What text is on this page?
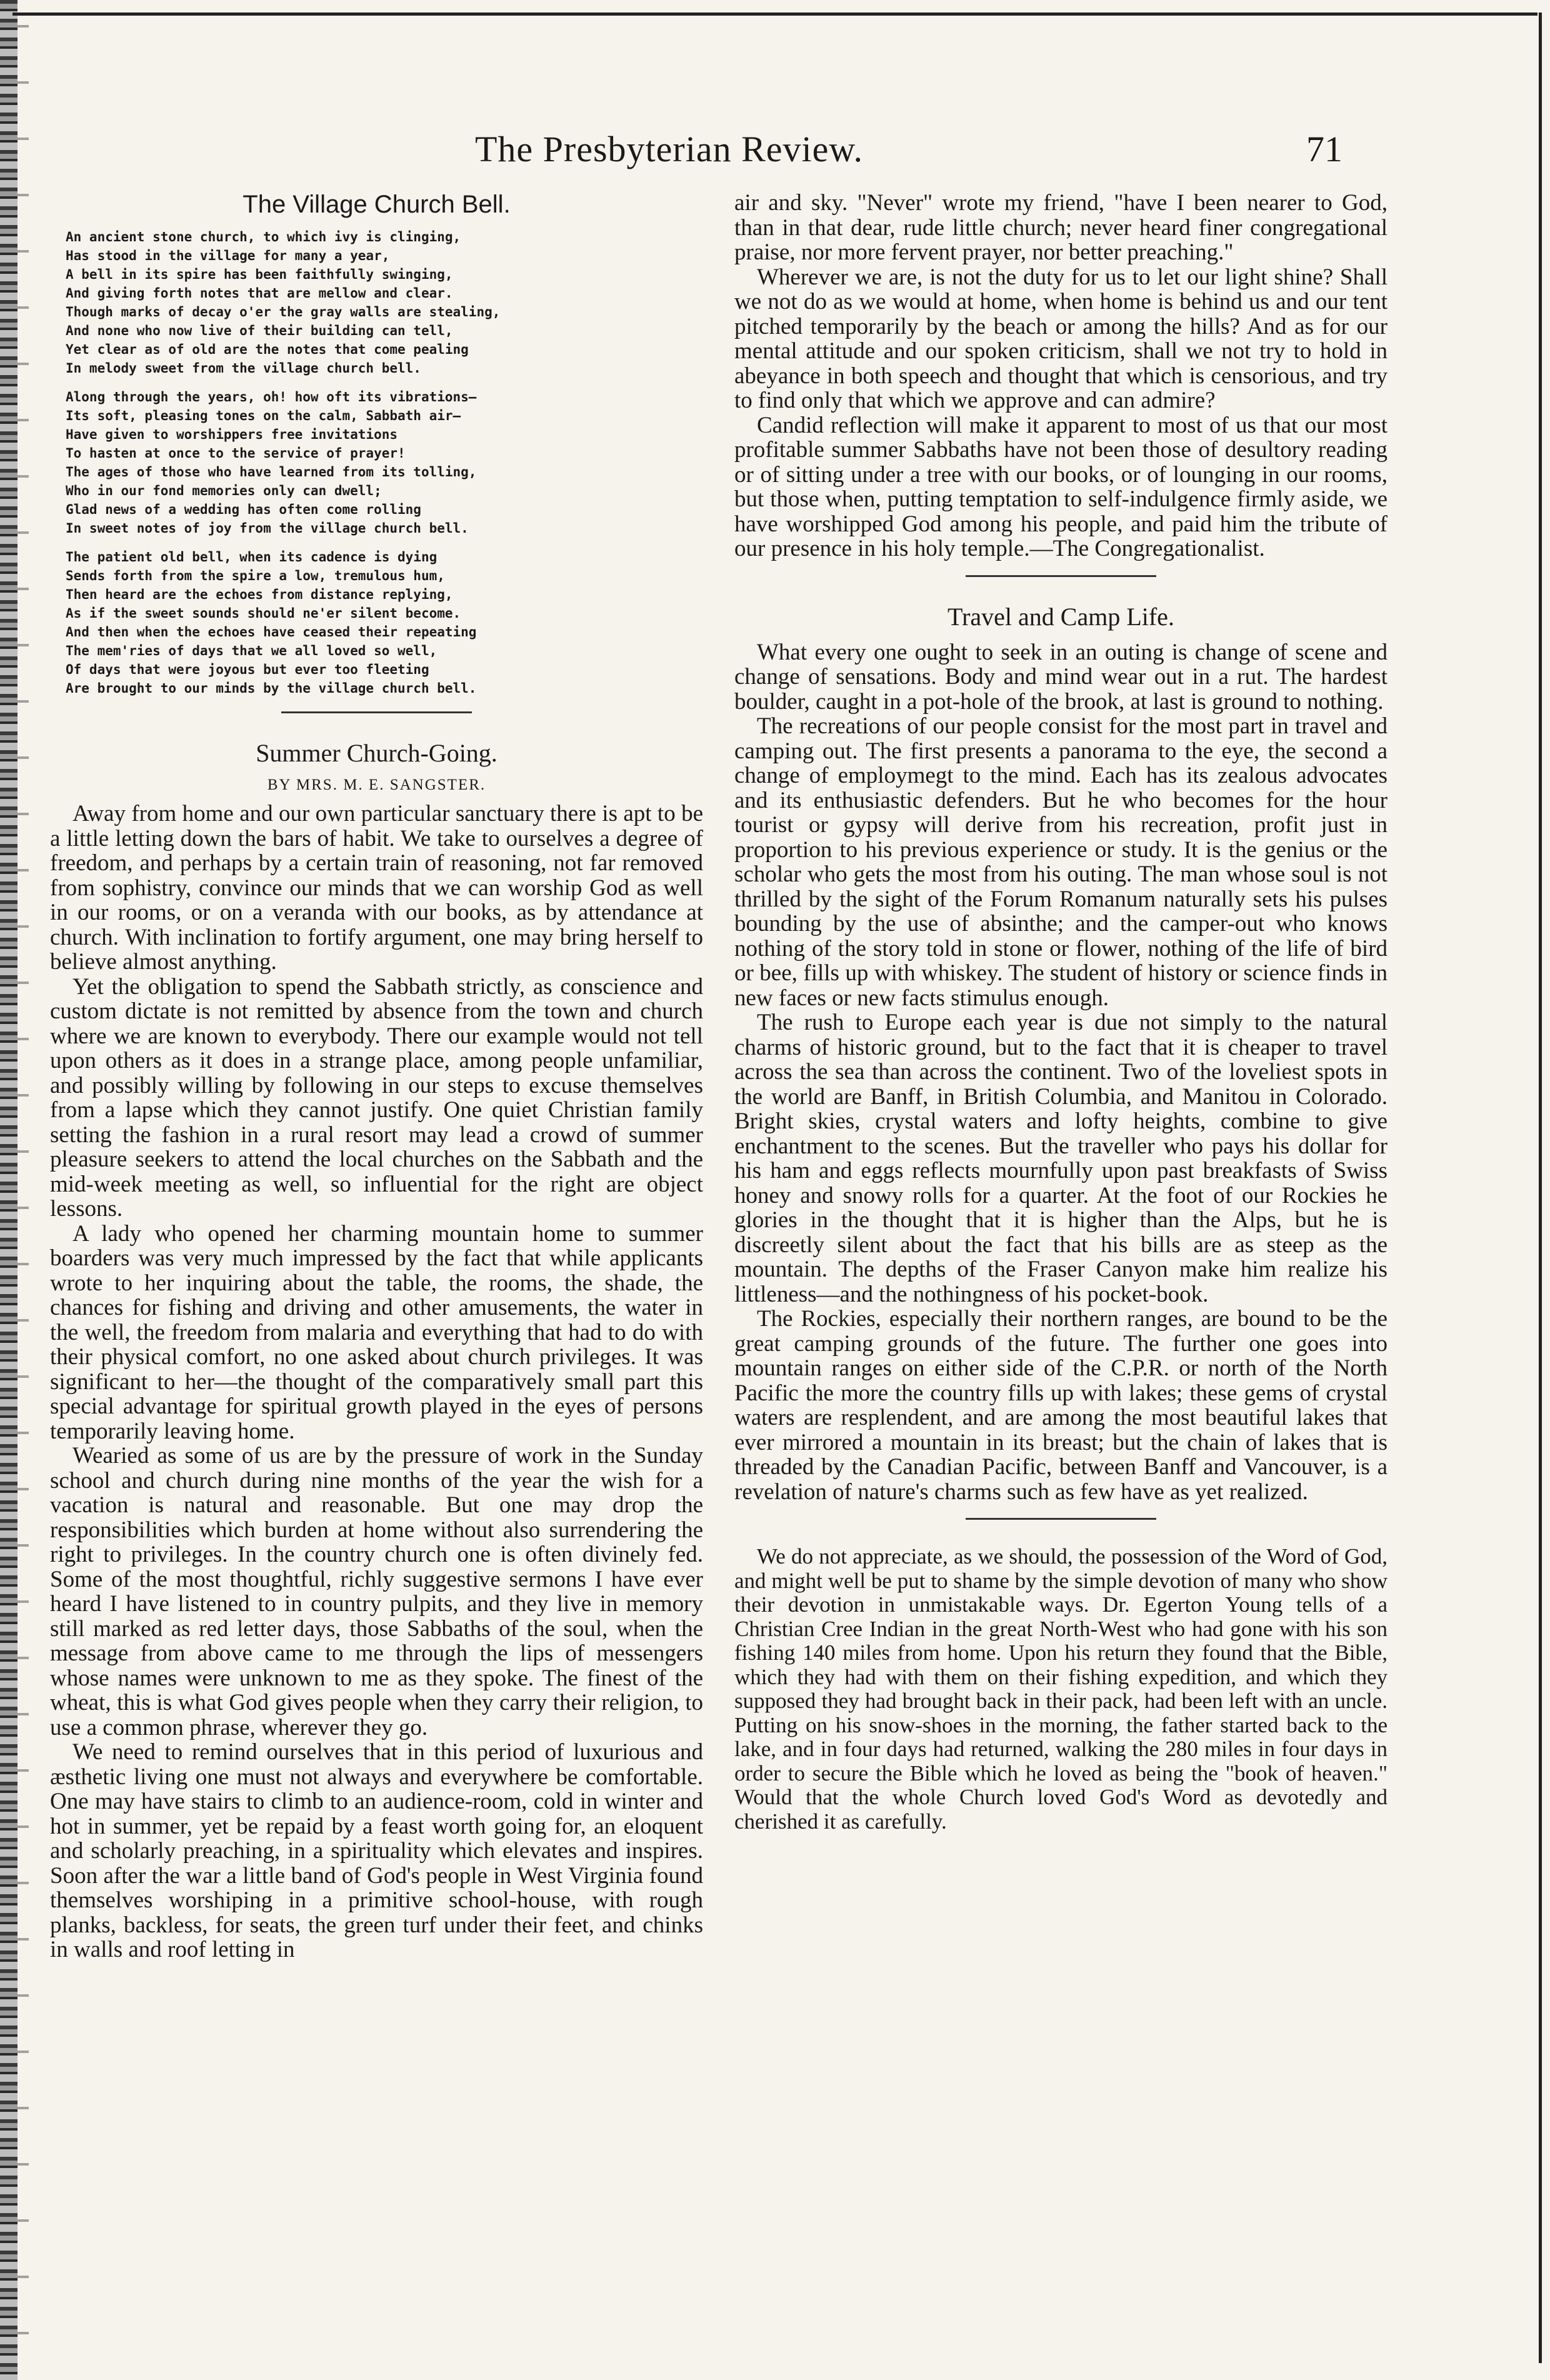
The Presbyterian Review.	71
The Village Church Bell.
An ancient stone church, to which ivy is clinging,
Has stood in the village for many a year,
A bell in its spire has been faithfully swinging,
And giving forth notes that are mellow and clear.
Though marks of decay o'er the gray walls are stealing,
And none who now live of their building can tell,
Yet clear as of old are the notes that come pealing
In melody sweet from the village church bell.
Along through the years, oh! how oft its vibrations—
Its soft, pleasing tones on the calm, Sabbath air—
Have given to worshippers free invitations
To hasten at once to the service of prayer!
The ages of those who have learned from its tolling,
Who in our fond memories only can dwell;
Glad news of a wedding has often come rolling
In sweet notes of joy from the village church bell.
The patient old bell, when its cadence is dying
Sends forth from the spire a low, tremulous hum,
Then heard are the echoes from distance replying,
As if the sweet sounds should ne'er silent become.
And then when the echoes have ceased their repeating
The mem'ries of days that we all loved so well,
Of days that were joyous but ever too fleeting
Are brought to our minds by the village church bell.
Summer Church-Going.
BY MRS. M. E. SANGSTER.

Away from home and our own particular sanctuary there is apt to be a little letting down the bars of habit. We take to ourselves a degree of freedom, and perhaps by a certain train of reasoning, not far removed from sophistry, convince our minds that we can worship God as well in our rooms, or on a veranda with our books, as by attendance at church. With inclination to fortify argument, one may bring herself to believe almost anything.

Yet the obligation to spend the Sabbath strictly, as conscience and custom dictate is not remitted by absence from the town and church where we are known to everybody. There our example would not tell upon others as it does in a strange place, among people unfamiliar, and possibly willing by following in our steps to excuse themselves from a lapse which they cannot justify. One quiet Christian family setting the fashion in a rural resort may lead a crowd of summer pleasure seekers to attend the local churches on the Sabbath and the mid-week meeting as well, so influential for the right are object lessons.

A lady who opened her charming mountain home to summer boarders was very much impressed by the fact that while applicants wrote to her inquiring about the table, the rooms, the shade, the chances for fishing and driving and other amusements, the water in the well, the freedom from malaria and everything that had to do with their physical comfort, no one asked about church privileges. It was significant to her—the thought of the comparatively small part this special advantage for spiritual growth played in the eyes of persons temporarily leaving home.

Wearied as some of us are by the pressure of work in the Sunday school and church during nine months of the year the wish for a vacation is natural and reasonable. But one may drop the responsibilities which burden at home without also surrendering the right to privileges. In the country church one is often divinely fed. Some of the most thoughtful, richly suggestive sermons I have ever heard I have listened to in country pulpits, and they live in memory still marked as red letter days, those Sabbaths of the soul, when the message from above came to me through the lips of messengers whose names were unknown to me as they spoke. The finest of the wheat, this is what God gives people when they carry their religion, to use a common phrase, wherever they go.

We need to remind ourselves that in this period of luxurious and æsthetic living one must not always and everywhere be comfortable. One may have stairs to climb to an audience-room, cold in winter and hot in summer, yet be repaid by a feast worth going for, an eloquent and scholarly preaching, in a spirituality which elevates and inspires. Soon after the war a little band of God's people in West Virginia found themselves worshiping in a primitive school-house, with rough planks, backless, for seats, the green turf under their feet, and chinks in walls and roof letting in

air and sky. "Never" wrote my friend, "have I been nearer to God, than in that dear, rude little church; never heard finer congregational praise, nor more fervent prayer, nor better preaching."

Wherever we are, is not the duty for us to let our light shine? Shall we not do as we would at home, when home is behind us and our tent pitched temporarily by the beach or among the hills? And as for our mental attitude and our spoken criticism, shall we not try to hold in abeyance in both speech and thought that which is censorious, and try to find only that which we approve and can admire?

Candid reflection will make it apparent to most of us that our most profitable summer Sabbaths have not been those of desultory reading or of sitting under a tree with our books, or of lounging in our rooms, but those when, putting temptation to self-indulgence firmly aside, we have worshipped God among his people, and paid him the tribute of our presence in his holy temple.—The Congregationalist.

Travel and Camp Life.

What every one ought to seek in an outing is change of scene and change of sensations. Body and mind wear out in a rut. The hardest boulder, caught in a pot-hole of the brook, at last is ground to nothing.

The recreations of our people consist for the most part in travel and camping out. The first presents a panorama to the eye, the second a change of employmegt to the mind. Each has its zealous advocates and its enthusiastic defenders. But he who becomes for the hour tourist or gypsy will derive from his recreation, profit just in proportion to his previous experience or study. It is the genius or the scholar who gets the most from his outing. The man whose soul is not thrilled by the sight of the Forum Romanum naturally sets his pulses bounding by the use of absinthe; and the camper-out who knows nothing of the story told in stone or flower, nothing of the life of bird or bee, fills up with whiskey. The student of history or science finds in new faces or new facts stimulus enough.

The rush to Europe each year is due not simply to the natural charms of historic ground, but to the fact that it is cheaper to travel across the sea than across the continent. Two of the loveliest spots in the world are Banff, in British Columbia, and Manitou in Colorado. Bright skies, crystal waters and lofty heights, combine to give enchantment to the scenes. But the traveller who pays his dollar for his ham and eggs reflects mournfully upon past breakfasts of Swiss honey and snowy rolls for a quarter. At the foot of our Rockies he glories in the thought that it is higher than the Alps, but he is discreetly silent about the fact that his bills are as steep as the mountain. The depths of the Fraser Canyon make him realize his littleness—and the nothingness of his pocket-book.

The Rockies, especially their northern ranges, are bound to be the great camping grounds of the future. The further one goes into mountain ranges on either side of the C.P.R. or north of the North Pacific the more the country fills up with lakes; these gems of crystal waters are resplendent, and are among the most beautiful lakes that ever mirrored a mountain in its breast; but the chain of lakes that is threaded by the Canadian Pacific, between Banff and Vancouver, is a revelation of nature's charms such as few have as yet realized.

We do not appreciate, as we should, the possession of the Word of God, and might well be put to shame by the simple devotion of many who show their devotion in unmistakable ways. Dr. Egerton Young tells of a Christian Cree Indian in the great North-West who had gone with his son fishing 140 miles from home. Upon his return they found that the Bible, which they had with them on their fishing expedition, and which they supposed they had brought back in their pack, had been left with an uncle. Putting on his snow-shoes in the morning, the father started back to the lake, and in four days had returned, walking the 280 miles in four days in order to secure the Bible which he loved as being the "book of heaven." Would that the whole Church loved God's Word as devotedly and cherished it as carefully.
